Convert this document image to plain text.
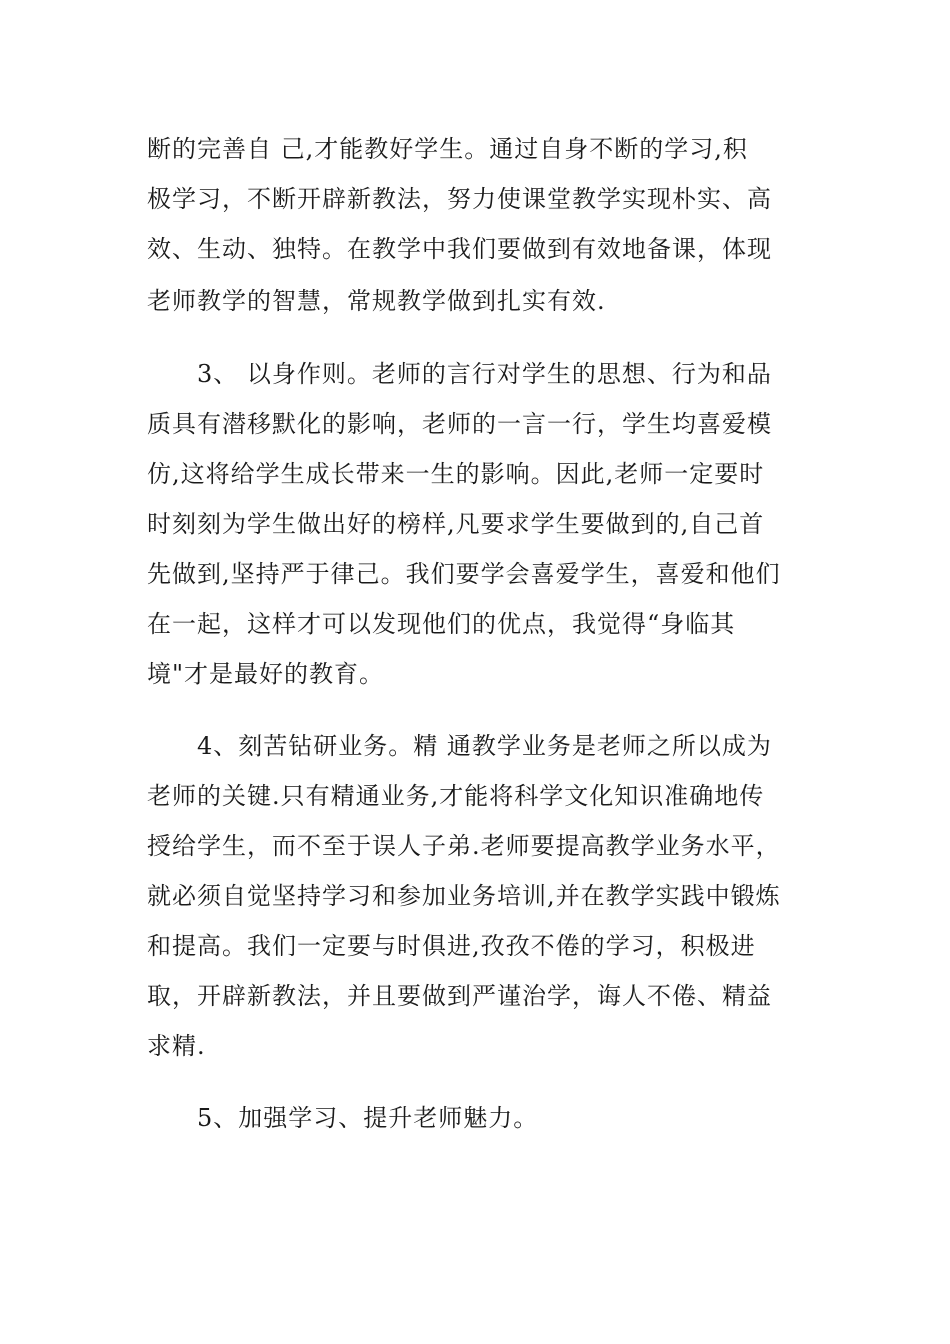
断的完善自 己,才能教好学生。通过自身不断的学习,积
极学习，不断开辟新教法，努力使课堂教学实现朴实、高
效、生动、独特。在教学中我们要做到有效地备课，体现
老师教学的智慧，常规教学做到扎实有效.
　　3、 以身作则。老师的言行对学生的思想、行为和品
质具有潜移默化的影响，老师的一言一行，学生均喜爱模
仿,这将给学生成长带来一生的影响。因此,老师一定要时
时刻刻为学生做出好的榜样,凡要求学生要做到的,自己首
先做到,坚持严于律己。我们要学会喜爱学生，喜爱和他们
在一起，这样才可以发现他们的优点，我觉得“身临其
境"才是最好的教育。
　　4、刻苦钻研业务。精 通教学业务是老师之所以成为
老师的关键.只有精通业务,才能将科学文化知识准确地传
授给学生，而不至于误人子弟.老师要提高教学业务水平，
就必须自觉坚持学习和参加业务培训,并在教学实践中锻炼
和提高。我们一定要与时俱进,孜孜不倦的学习，积极进
取，开辟新教法，并且要做到严谨治学，诲人不倦、精益
求精.
　　5、加强学习、提升老师魅力。
